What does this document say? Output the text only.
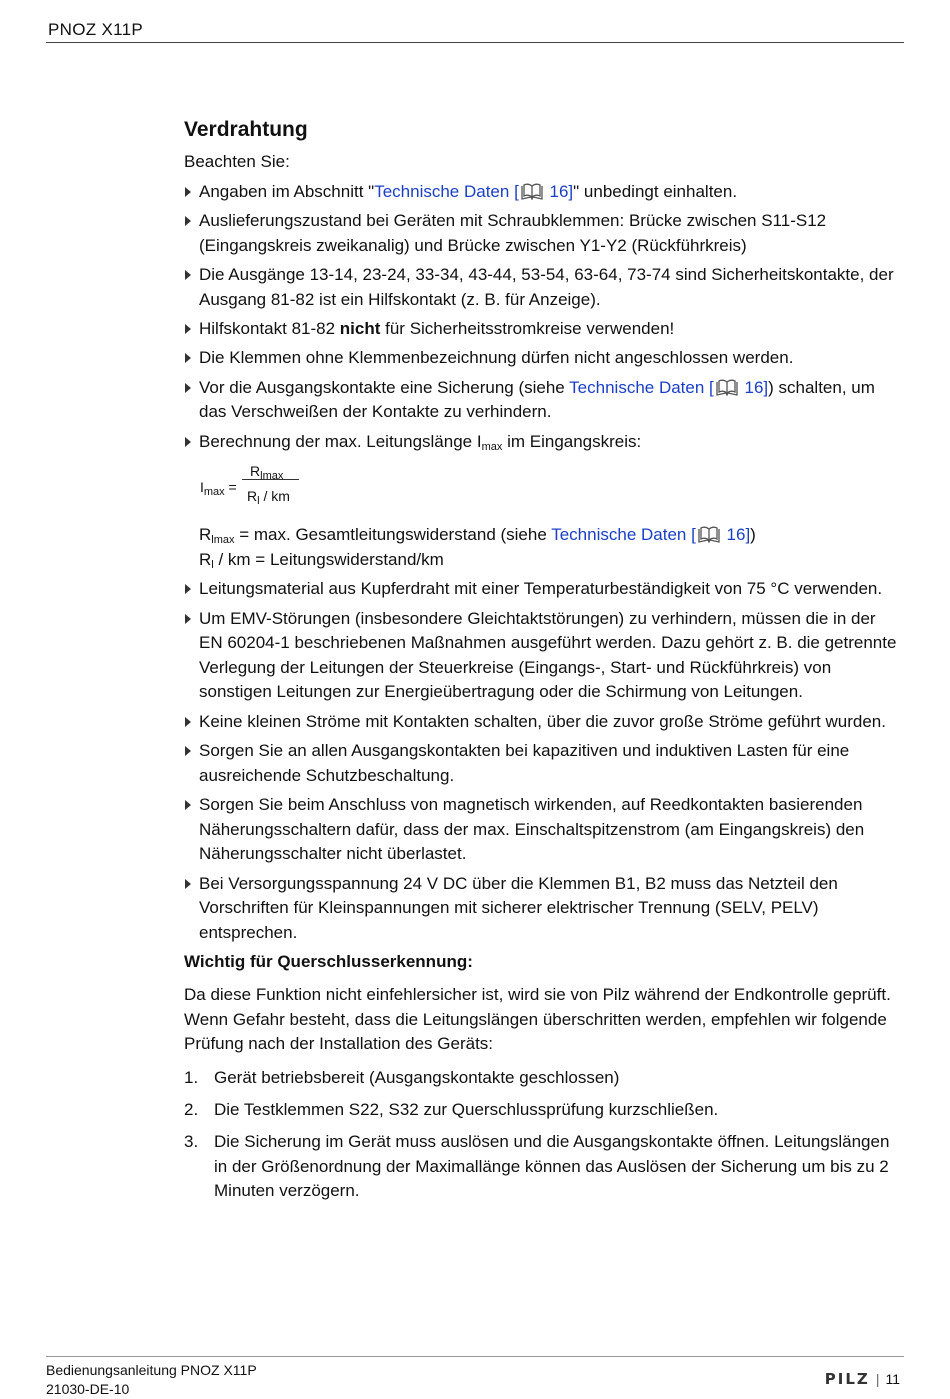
PNOZ X11P
Verdrahtung
Beachten Sie:
Angaben im Abschnitt "Technische Daten [ 16]" unbedingt einhalten.
Auslieferungszustand bei Geräten mit Schraubklemmen: Brücke zwischen S11-S12 (Eingangskreis zweikanalig) und Brücke zwischen Y1-Y2 (Rückführkreis)
Die Ausgänge 13-14, 23-24, 33-34, 43-44, 53-54, 63-64, 73-74 sind Sicherheitskontakte, der Ausgang 81-82 ist ein Hilfskontakt (z. B. für Anzeige).
Hilfskontakt 81-82 nicht für Sicherheitsstromkreise verwenden!
Die Klemmen ohne Klemmenbezeichnung dürfen nicht angeschlossen werden.
Vor die Ausgangskontakte eine Sicherung (siehe Technische Daten [ 16]) schalten, um das Verschweißen der Kontakte zu verhindern.
Berechnung der max. Leitungslänge $I_{max}$ im Eingangskreis:
$I_{max}$ =
$R_{lmax}$
$R_l$ / km
$R_{lmax} = \max$. Gesamtleitungswiderstand (siehe Technische Daten [ 16])
$R_l$ / km = Leitungswiderstand/km
Leitungsmaterial aus Kupferdraht mit einer Temperaturbeständigkeit von 75 °C verwenden.
Um EMV-Störungen (insbesondere Gleichtaktstörungen) zu verhindern, müssen die in der EN 60204-1 beschriebenen Maßnahmen ausgeführt werden. Dazu gehört z. B. die getrennte Verlegung der Leitungen der Steuerkreise (Eingangs-, Start- und Rückführkreis) von sonstigen Leitungen zur Energieübertragung oder die Schirmung von Leitungen.
Keine kleinen Ströme mit Kontakten schalten, über die zuvor große Ströme geführt wurden.
Sorgen Sie an allen Ausgangskontakten bei kapazitiven und induktiven Lasten für eine ausreichende Schutzbeschaltung.
Sorgen Sie beim Anschluss von magnetisch wirkenden, auf Reedkontakten basierenden Näherungsschaltern dafür, dass der max. Einschaltspitzenstrom (am Eingangskreis) den Näherungsschalter nicht überlastet.
Bei Versorgungsspannung 24 V DC über die Klemmen B1, B2 muss das Netzteil den Vorschriften für Kleinspannungen mit sicherer elektrischer Trennung (SELV, PELV) entsprechen.
Wichtig für Querschlusserkennung:
Da diese Funktion nicht einfehlersicher ist, wird sie von Pilz während der Endkontrolle geprüft. Wenn Gefahr besteht, dass die Leitungslängen überschritten werden, empfehlen wir folgende Prüfung nach der Installation des Geräts:
1. Gerät betriebsbereit (Ausgangskontakte geschlossen)
2. Die Testklemmen S22, S32 zur Querschlussprüfung kurzschließen.
3. Die Sicherung im Gerät muss auslösen und die Ausgangskontakte öffnen. Leitungslängen in der Größenordnung der Maximallänge können das Auslösen der Sicherung um bis zu 2 Minuten verzögern.
Bedienungsanleitung PNOZ X11P
21030-DE-10
PILZ | 11
